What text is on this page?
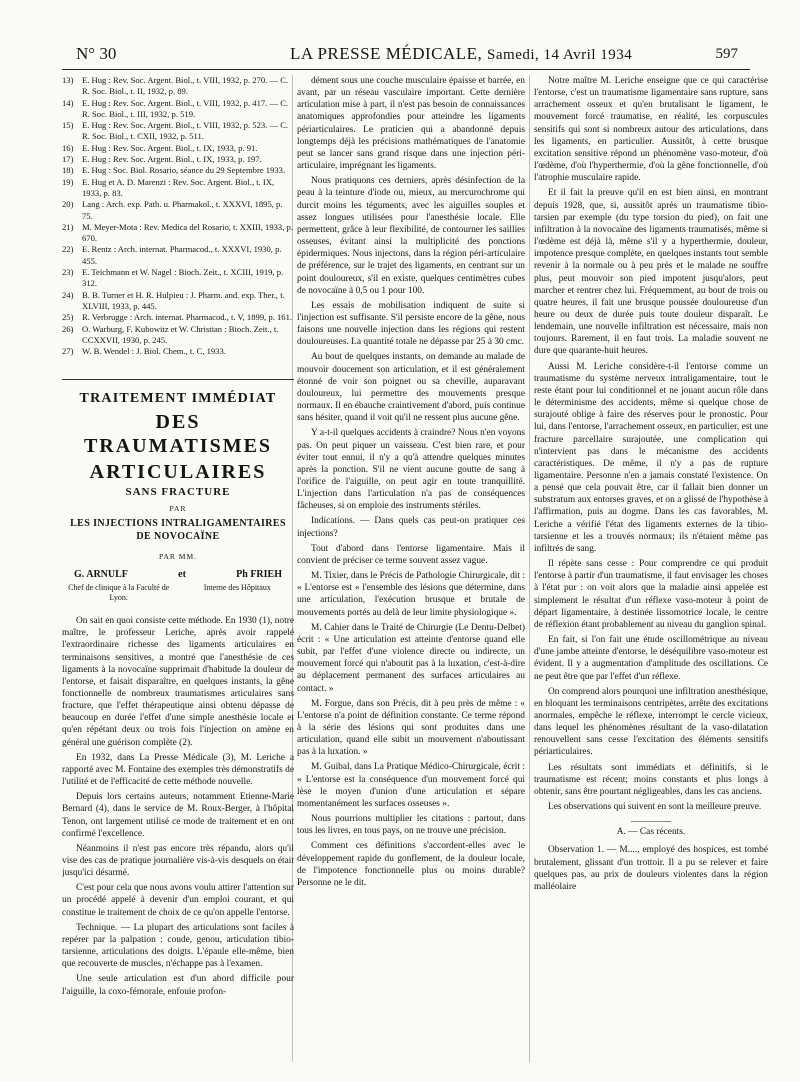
N° 30	LA PRESSE MÉDICALE, Samedi, 14 Avril 1934	597

13) E. Hug : Rev. Soc. Argent. Biol., t. VIII, 1932, p. 270. — C. R. Soc. Biol., t. II, 1932, p. 89.

14) E. Hug : Rev. Soc. Argent. Biol., t. VIII, 1932, p. 417. — C. R. Soc. Biol., t. III, 1932, p. 519.

15) E. Hug : Rev. Soc. Argent. Biol., t. VIII, 1932, p. 523. — C. R. Soc. Biol., t. CXII, 1932, p. 511.

16) E. Hug : Rev. Soc. Argent. Biol., t. IX, 1933, p. 91.

17) E. Hug : Rev. Soc. Argent. Biol., t. IX, 1933, p. 197.

18) E. Hug : Soc. Biol. Rosario, séance du 29 Septembre 1933.

19) E. Hug et A. D. Marenzi : Rev. Soc. Argent. Biol., t. IX, 1933, p. 83.

20) Lang : Arch. exp. Path. u. Pharmakol., t. XXXVI, 1895, p. 75.

21) M. Meyer-Mota : Rev. Medica del Rosario, t. XXIII, 1933, p. 670.

22) E. Rentz : Arch. internat. Pharmacod., t. XXXVI, 1930, p. 455.

23) E. Teichmann et W. Nagel : Bioch. Zeit., t. XCIII, 1919, p. 312.

24) B. B. Turner et H. R. Hulpieu : J. Pharm. and. exp. Ther., t. XLVIII, 1933, p. 445.

25) R. Verbrugge : Arch. internat. Pharmacod., t. V, 1899, p. 161.

26) O. Warburg, F. Kubowitz et W. Christian : Bioch. Zeit., t. CCXXVII, 1930, p. 245.

27) W. B. Wendel : J. Biol. Chem., t. C, 1933.

TRAITEMENT IMMÉDIAT

DES TRAUMATISMES

ARTICULAIRES

SANS FRACTURE

PAR

LES INJECTIONS INTRALIGAMENTAIRES

DE NOVOCAÏNE

PAR MM.

G. ARNULF	et	Ph FRIEH
Chef de clinique à la Faculté de Lyon.
Interne des Hôpitaux

On sait en quoi consiste cette méthode. En 1930 (1), notre maître, le professeur Leriche, après avoir rappelé l'extraordinaire richesse des ligaments articulaires en terminaisons sensitives, a montré que l'anesthésie de ces ligaments à la novocaïne supprimait d'habitude la douleur de l'entorse, et faisait disparaître, en quelques instants, la gêne fonctionnelle de nombreux traumatismes articulaires sans fracture, que l'effet thérapeutique ainsi obtenu dépasse de beaucoup en durée l'effet d'une simple anesthésie locale et qu'en répétant deux ou trois fois l'injection on amène en général une guérison complète (2).

En 1932, dans La Presse Médicale (3), M. Leriche a rapporté avec M. Fontaine des exemples très démonstratifs de l'utilité et de l'efficacité de cette méthode nouvelle.

Depuis lors certains auteurs, notamment Etienne-Marie Bernard (4), dans le service de M. Roux-Berger, à l'hôpital Tenon, ont largement utilisé ce mode de traitement et en ont confirmé l'excellence.

Néanmoins il n'est pas encore très répandu, alors qu'il vise des cas de pratique journalière vis-à-vis desquels on était jusqu'ici désarmé.

C'est pour cela que nous avons voulu attirer l'attention sur un procédé appelé à devenir d'un emploi courant, et qui constitue le traitement de choix de ce qu'on appelle l'entorse.

Technique. — La plupart des articulations sont faciles à repérer par la palpation : coude, genou, articulation tibio-tarsienne, articulations des doigts. L'épaule elle-même, bien que recouverte de muscles, n'échappe pas à l'examen.

Une seule articulation est d'un abord difficile pour l'aiguille, la coxo-fémorale, enfouie profon-

dément sous une couche musculaire épaisse et barrée, en avant, par un réseau vasculaire important. Cette dernière articulation mise à part, il n'est pas besoin de connaissances anatomiques approfondies pour atteindre les ligaments périarticulaires. Le praticien qui a abandonné depuis longtemps déjà les précisions mathématiques de l'anatomie peut se lancer sans grand risque dans une injection péri-articulaire, imprégnant les ligaments.

Nous pratiquons ces derniers, après désinfection de la peau à la teinture d'iode ou, mieux, au mercurochrome qui durcit moins les téguments, avec les aiguilles souples et assez longues utilisées pour l'anesthésie locale. Elle permettent, grâce à leur flexibilité, de contourner les saillies osseuses, évitant ainsi la multiplicité des ponctions épidermiques. Nous injectons, dans la région péri-articulaire de préférence, sur le trajet des ligaments, en centrant sur un point douloureux, s'il en existe, quelques centimètres cubes de novocaïne à 0,5 ou 1 pour 100.

Les essais de mobilisation indiquent de suite si l'injection est suffisante. S'il persiste encore de la gêne, nous faisons une nouvelle injection dans les régions qui restent douloureuses. La quantité totale ne dépasse par 25 à 30 cmc.

Au bout de quelques instants, on demande au malade de mouvoir doucement son articulation, et il est généralement étonné de voir son poignet ou sa cheville, auparavant douloureux, lui permettre des mouvements presque normaux. Il en ébauche craintivement d'abord, puis continue sans hésiter, quand il voit qu'il ne ressent plus aucune gêne.

Y a-t-il quelques accidents à craindre? Nous n'en voyons pas. On peut piquer un vaisseau. C'est bien rare, et pour éviter tout ennui, il n'y a qu'à attendre quelques minutes après la ponction. S'il ne vient aucune goutte de sang à l'orifice de l'aiguille, on peut agir en toute tranquillité. L'injection dans l'articulation n'a pas de conséquences fâcheuses, si on emploie des instruments stériles.

Indications. — Dans quels cas peut-on pratiquer ces injections?

Tout d'abord dans l'entorse ligamentaire. Mais il convient de préciser ce terme souvent assez vague.

M. Tixier, dans le Précis de Pathologie Chirurgicale, dit : « L'entorse est « l'ensemble des lésions que détermine, dans une articulation, l'exécution brusque et brutale de mouvements portés au delà de leur limite physiologique ».

M. Cahier dans le Traité de Chirurgie (Le Dentu-Delbet) écrit : « Une articulation est atteinte d'entorse quand elle subit, par l'effet d'une violence directe ou indirecte, un mouvement forcé qui n'aboutit pas à la luxation, c'est-à-dire au déplacement permanent des surfaces articulaires au contact. »

M. Forgue, dans son Précis, dit à peu près de même : « L'entorse n'a point de définition constante. Ce terme répond à la série des lésions qui sont produites dans une articulation, quand elle subit un mouvement n'aboutissant pas à la luxation. »

M. Guibal, dans La Pratique Médico-Chirurgicale, écrit : « L'entorse est la conséquence d'un mouvement forcé qui lèse le moyen d'union d'une articulation et sépare momentanément les surfaces osseuses ».

Nous pourrions multiplier les citations : partout, dans tous les livres, en tous pays, on ne trouve une précision.

Comment ces définitions s'accordent-elles avec le développement rapide du gonflement, de la douleur locale, de l'impotence fonctionnelle plus ou moins durable? Personne ne le dit.

Notre maître M. Leriche enseigne que ce qui caractérise l'entorse, c'est un traumatisme ligamentaire sans rupture, sans arrachement osseux et qu'en brutalisant le ligament, le mouvement forcé traumatise, en réalité, les corpuscules sensitifs qui sont si nombreux autour des articulations, dans les ligaments, en particulier. Aussitôt, à cette brusque excitation sensitive répond un phénomène vaso-moteur, d'où l'œdème, d'où l'hyperthermie, d'où la gêne fonctionnelle, d'où l'atrophie musculaire rapide.

Et il fait la preuve qu'il en est bien ainsi, en montrant depuis 1928, que, si, aussitôt après un traumatisme tibio-tarsien par exemple (du type torsion du pied), on fait une infiltration à la novocaïne des ligaments traumatisés, même si l'œdème est déjà là, même s'il y a hyperthermie, douleur, impotence presque complète, en quelques instants tout semble revenir à la normale ou à peu près et le malade ne souffre plus, peut mouvoir son pied impotent jusqu'alors, peut marcher et rentrer chez lui. Fréquemment, au bout de trois ou quatre heures, il fait une brusque poussée douloureuse d'un heure ou deux de durée puis toute douleur disparaît. Le lendemain, une nouvelle infiltration est nécessaire, mais non toujours. Rarement, il en faut trois. La maladie souvent ne dure que quarante-huit heures.

Aussi M. Leriche considère-t-il l'entorse comme un traumatisme du système nerveux intraligamentaire, tout le reste étant pour lui conditionnel et ne jouant aucun rôle dans le déterminisme des accidents, même si quelque chose de surajouté oblige à faire des réserves pour le pronostic. Pour lui, dans l'entorse, l'arrachement osseux, en particulier, est une fracture parcellaire surajoutée, une complication qui n'intervient pas dans le mécanisme des accidents caractéristiques. De même, il n'y a pas de rupture ligamentaire. Personne n'en a jamais constaté l'existence. On a pensé que cela pouvait être, car il fallait bien donner un substratum aux entorses graves, et on a glissé de l'hypothèse à l'affirmation, puis au dogme. Dans les cas favorables, M. Leriche a vérifié l'état des ligaments externes de la tibio-tarsienne et les a trouvés normaux; ils n'étaient même pas infiltrés de sang.

Il répète sans cesse : Pour comprendre ce qui produit l'entorse à partir d'un traumatisme, il faut envisager les choses à l'état pur : on voit alors que la maladie ainsi appelée est simplement le résultat d'un réflexe vaso-moteur à point de départ ligamentaire, à destinée lissomotrice locale, le centre de réflexion étant probablement au niveau du ganglion spinal.

En fait, si l'on fait une étude oscillométrique au niveau d'une jambe atteinte d'entorse, le déséquilibre vaso-moteur est évident. Il y a augmentation d'amplitude des oscillations. Ce ne peut être que par l'effet d'un réflexe.

On comprend alors pourquoi une infiltration anesthésique, en bloquant les terminaisons centripètes, arrête des excitations anormales, empêche le réflexe, interrompt le cercle vicieux, dans lequel les phénomènes résultant de la vaso-dilatation renouvellent sans cesse l'excitation des éléments sensitifs périarticulaires.

Les résultats sont immédiats et définitifs, si le traumatisme est récent; moins constants et plus longs à obtenir, sans être pourtant négligeables, dans les cas anciens.

Les observations qui suivent en sont la meilleure preuve.

A. — Cas récents.

Observation 1. — M...., employé des hospices, est tombé brutalement, glissant d'un trottoir. Il a pu se relever et faire quelques pas, au prix de douleurs violentes dans la région malléolaire
